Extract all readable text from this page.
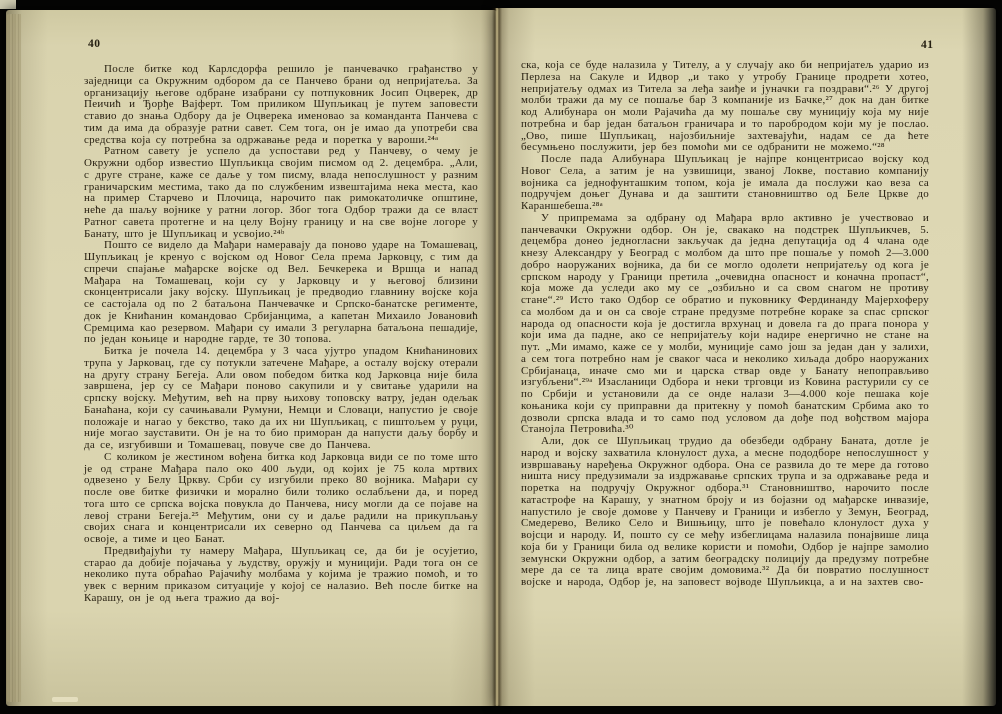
40

После битке код Карлсдорфа решило је панчевачко грађанство у заједници са Окружним одбором да се Панчево брани од непријатеља. За организацију његове одбране изабрани су потпуковник Јосип Оцверек, др Пеичић и Ђорђе Вајферт. Том приликом Шупљикац је путем заповести ставио до знања Одбору да је Оцверека именовао за команданта Панчева с тим да има да образује ратни савет. Сем тога, он је имао да употреби сва средства која су потребна за одржавање реда и поретка у вароши.²⁴ᵃ

Ратном савету је успело да успостави ред у Панчеву, о чему је Окружни одбор известио Шупљикца својим писмом од 2. децембра. „Али, с друге стране, каже се даље у том писму, влада непослушност у разним граничарским местима, тако да по службеним извештајима нека места, као на пример Старчево и Плочица, нарочито пак римокатоличке општине, неће да шаљу војнике у ратни логор. Због тога Одбор тражи да се власт Ратног савета протегне и на целу Војну границу и на све војне логоре у Банату, што је Шупљикац и усвојио.²⁴ᵇ

Пошто се видело да Мађари намеравају да поново ударе на Томашевац, Шупљикац је кренуо с војском од Новог Села према Јарковцу, с тим да спречи спајање мађарске војске од Вел. Бечкерека и Вршца и напад Мађара на Томашевац, који су у Јарковцу и у његовој близини сконцентрисали јаку војску. Шупљикац је предводио главнину војске која се састојала од по 2 батаљона Панчевачке и Српско-банатске регименте, док је Книћанин командовао Србијанцима, а капетан Михаило Јовановић Сремцима као резервом. Мађари су имали 3 регуларна батаљона пешадије, по један коњице и народне гарде, те 30 топова.

Битка је почела 14. децембра у 3 часа ујутро упадом Книћанинових трупа у Јарковац, где су потукли затечене Мађаре, а осталу војску отерали на другу страну Бегеја. Али овом победом битка код Јарковца није била завршена, јер су се Мађари поново сакупили и у свитање ударили на српску војску. Међутим, већ на прву њихову топовску ватру, један одељак Банаћана, који су сачињавали Румуни, Немци и Словаци, напустио је своје положаје и нагао у бекство, тако да их ни Шупљикац, с пиштољем у руци, није могао зауставити. Он је на то био приморан да напусти даљу борбу и да се, изгубивши и Томашевац, повуче све до Панчева.

С коликом је жестином вођена битка код Јарковца види се по томе што је од стране Мађара пало око 400 људи, од којих је 75 кола мртвих одвезено у Белу Цркву. Срби су изгубили преко 80 војника. Мађари су после ове битке физички и морално били толико ослабљени да, и поред тога што се српска војска повукла до Панчева, нису могли да се појаве на левој страни Бегеја.²⁵ Међутим, они су и даље радили на прикупљању својих снага и концентрисали их северно од Панчева са циљем да га освоје, а тиме и цео Банат.

Предвиђајући ту намеру Мађара, Шупљикац се, да би је осујетио, старао да добије појачања у људству, оружју и муницији. Ради тога он се неколико пута обраћао Рајачићу молбама у којима је тражио помоћ, и то увек с верним приказом ситуације у којој се налазио. Већ после битке на Карашу, он је од њега тражио да вој-

41

ска, која се буде налазила у Тителу, а у случају ако би непријатељ ударио из Перлеза на Сакуле и Идвор „и тако у утробу Границе продрети хотео, непријатељу одмах из Титела за леђа заиђе и јуначки га поздрави“.²⁶ У другој молби тражи да му се пошаље бар 3 компаније из Бачке,²⁷ док на дан битке код Алибунара он моли Рајачића да му пошаље сву муницију која му није потребна и бар један батаљон граничара и то паробродом који му је послао. „Ово, пише Шупљикац, најозбиљније захтевајући, надам се да ћете бесумњено послужити, јер без помоћи ми се одбранити не можемо.“²⁸

После пада Алибунара Шупљикац је најпре концентрисао војску код Новог Села, а затим је на узвишици, званој Локве, поставио компанију војника са једнофунташким топом, која је имала да послужи као веза са подручјем доњег Дунава и да заштити становништво од Беле Цркве до Караншебеша.²⁸ᵃ

У припремама за одбрану од Мађара врло активно је учествовао и панчевачки Окружни одбор. Он је, свакако на подстрек Шупљикчев, 5. децембра донео једногласни закључак да једна депутација од 4 члана оде кнезу Александру у Београд с молбом да што пре пошаље у помоћ 2—3.000 добро наоружаних војника, да би се могло одолети непријатељу од кога је српском народу у Граници претила „очевидна опасност и коначна пропаст“, која може да уследи ако му се „озбиљно и са свом снагом не противу стане“.²⁹ Исто тако Одбор се обратио и пуковнику Фердинанду Мајерхоферу са молбом да и он са своје стране предузме потребне кораке за спас српског народа од опасности која је достигла врхунац и довела га до прага понора у који има да падне, ако се непријатељу који надире енергично не стане на пут. „Ми имамо, каже се у молби, муниције само још за један дан у залихи, а сем тога потребно нам је сваког часа и неколико хиљада добро наоружаних Србијанаца, иначе смо ми и царска ствар овде у Банату непоправљиво изгубљени“.²⁹ᵃ Изасланици Одбора и неки трговци из Ковина растурили су се по Србији и установили да се онде налази 3—4.000 које пешака које коњаника који су приправни да притекну у помоћ банатским Србима ако то дозволи српска влада и то само под условом да дође под вођством мајора Станојла Петровића.³⁰

Али, док се Шупљикац трудио да обезбеди одбрану Баната, дотле је народ и војску захватила клонулост духа, а месне пододборе непослушност у извршавању наређења Окружног одбора. Она се развила до те мере да готово ништа нису предузимали за издржавање српских трупа и за одржавање реда и поретка на подручју Окружног одбора.³¹ Становништво, нарочито после катастрофе на Карашу, у знатном броју и из бојазни од мађарске инвазије, напустило је своје домове у Панчеву и Граници и избегло у Земун, Београд, Смедерево, Велико Село и Вишњицу, што је повећало клонулост духа у војсци и народу. И, пошто су се међу избеглицама налазила понајвише лица која би у Граници била од велике користи и помоћи, Одбор је најпре замолио земунски Окружни одбор, а затим београдску полицију да предузму потребне мере да се та лица врате својим домовима.³² Да би повратио послушност војске и народа, Одбор је, на заповест војводе Шупљикца, а и на захтев сво-
